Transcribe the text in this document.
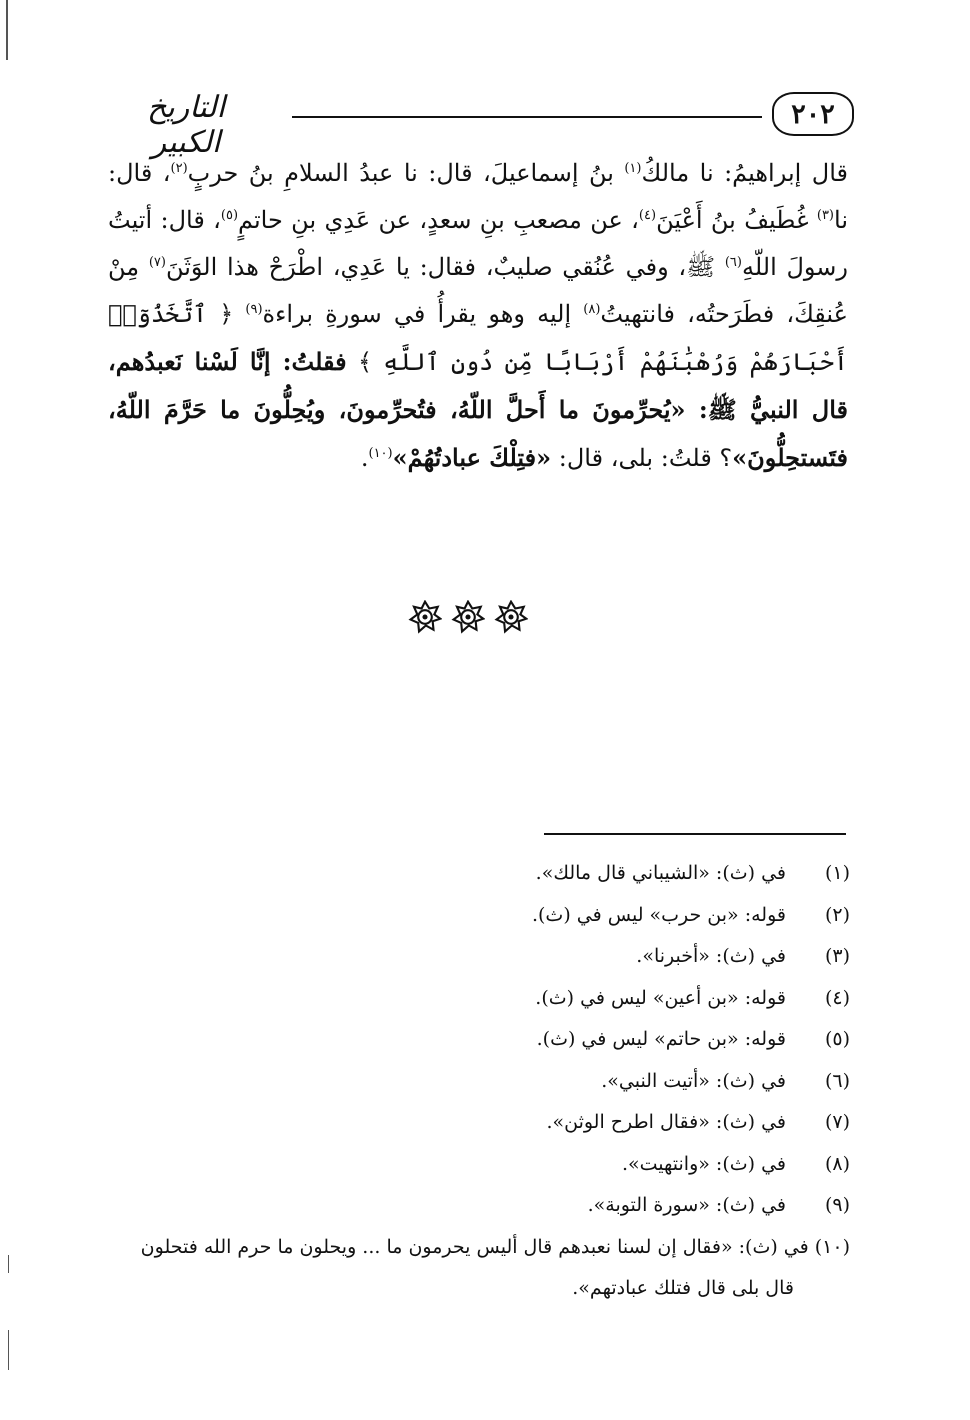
٢٠٢
التاريخ الكبير

قال إبراهيمُ: نا مالكُ$^{(١)}$ بنُ إسماعيلَ، قال: نا عبدُ السلامِ بنُ حربٍ$^{(٢)}$، قال: نا$^{(٣)}$ غُطَيفُ بنُ أَعْيَنَ$^{(٤)}$، عن مصعبِ بنِ سعدٍ، عن عَدِي بنِ حاتمٍ$^{(٥)}$، قال: أتيتُ رسولَ اللّهِ$^{(٦)}$ ﷺ، وفي عُنُقي صليبٌ، فقال: يا عَدِي، اطْرَحْ هذا الوَثَنَ$^{(٧)}$ مِنْ عُنقِكَ، فطَرَحتُه، فانتهيتُ$^{(٨)}$ إليه وهو يقرأُ في سورةِ براءة$^{(٩)}$ ﴿ ٱتَّخَذُوٓا۟ أَحْبَارَهُمْ وَرُهْبَٰنَهُمْ أَرْبَابًا مِّن دُونِ ٱللَّهِ ﴾ فقلتُ: إنَّا لَسْنا نَعبدُهم، قال النبيُّ ﷺ: «يُحرِّمونَ ما أَحلَّ اللّهُ، فتُحرِّمونَ، ويُحِلُّونَ ما حَرَّمَ اللّهُ، فتَستحِلُّونَ»؟ قلتُ: بلى، قال: «فتِلْكَ عبادتُهُمْ»$^{(١٠)}$.

(١)
في (ث): «الشيباني قال مالك».
(٢)
قوله: «بن حرب» ليس في (ث).
(٣)
في (ث): «أخبرنا».
(٤)
قوله: «بن أعين» ليس في (ث).
(٥)
قوله: «بن حاتم» ليس في (ث).
(٦)
في (ث): «أتيت النبي».
(٧)
في (ث): «فقال اطرح الوثن».
(٨)
في (ث): «وانتهيت».
(٩)
في (ث): «سورة التوبة».
(١٠)
في (ث): «فقال إن لسنا نعبدهم قال أليس يحرمون ما ... ويحلون ما حرم الله فتحلون
قال بلى قال فتلك عبادتهم».
